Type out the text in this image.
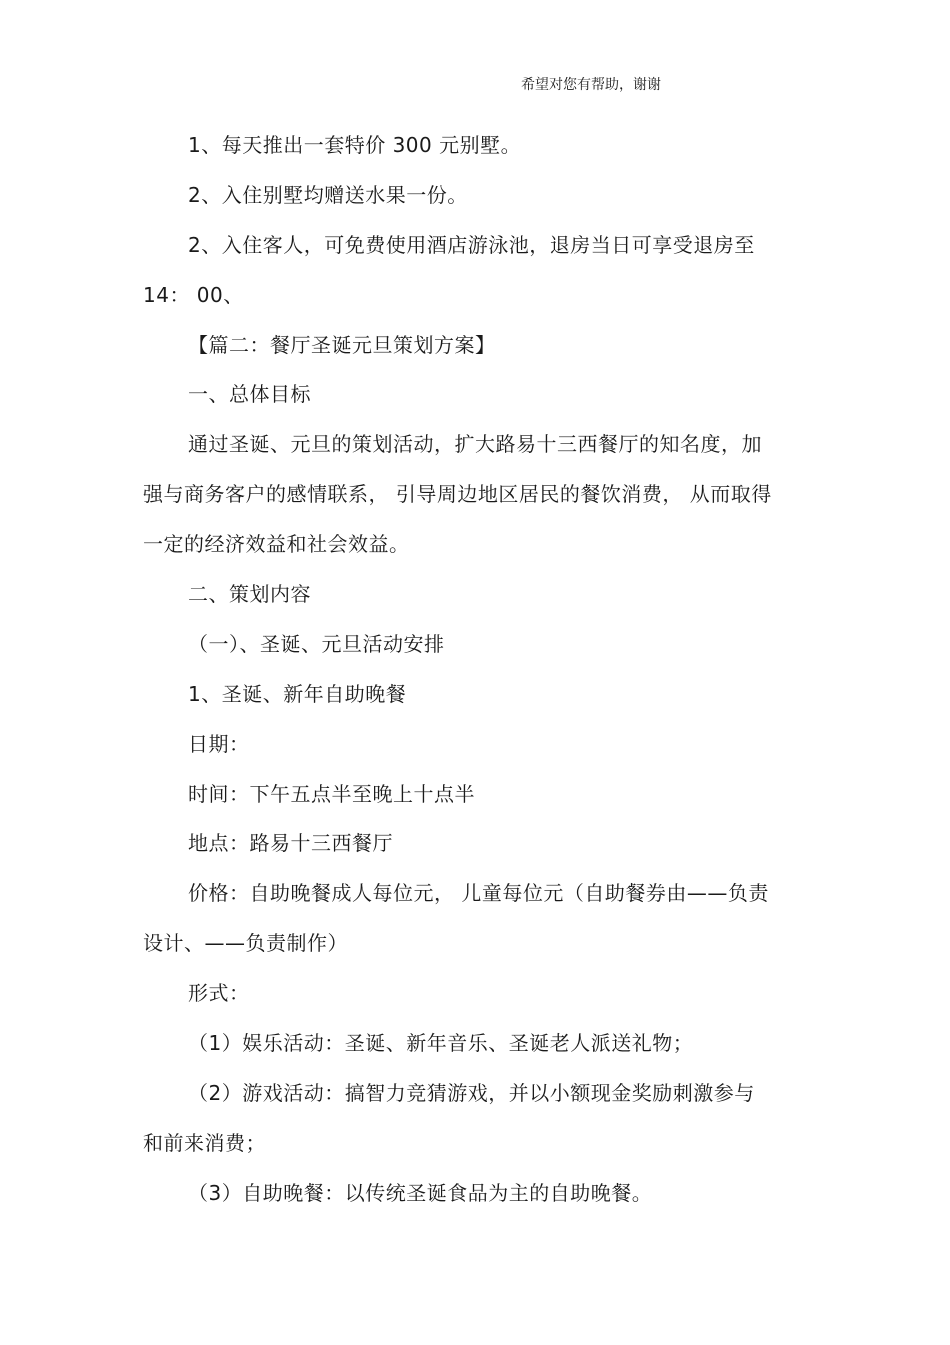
希望对您有帮助，谢谢
1、每天推出一套特价 300 元别墅。
2、入住别墅均赠送水果一份。
2、入住客人，可免费使用酒店游泳池，退房当日可享受退房至
14： 00、
【篇二：餐厅圣诞元旦策划方案】
一、总体目标
通过圣诞、元旦的策划活动，扩大路易十三西餐厅的知名度，加
强与商务客户的感情联系， 引导周边地区居民的餐饮消费， 从而取得
一定的经济效益和社会效益。
二、策划内容
（一）、圣诞、元旦活动安排
1、圣诞、新年自助晚餐
日期：
时间：下午五点半至晚上十点半
地点：路易十三西餐厅
价格：自助晚餐成人每位元， 儿童每位元（自助餐券由——负责
设计、——负责制作）
形式：
（1）娱乐活动：圣诞、新年音乐、圣诞老人派送礼物；
（2）游戏活动：搞智力竞猜游戏，并以小额现金奖励刺激参与
和前来消费；
（3）自助晚餐：以传统圣诞食品为主的自助晚餐。
